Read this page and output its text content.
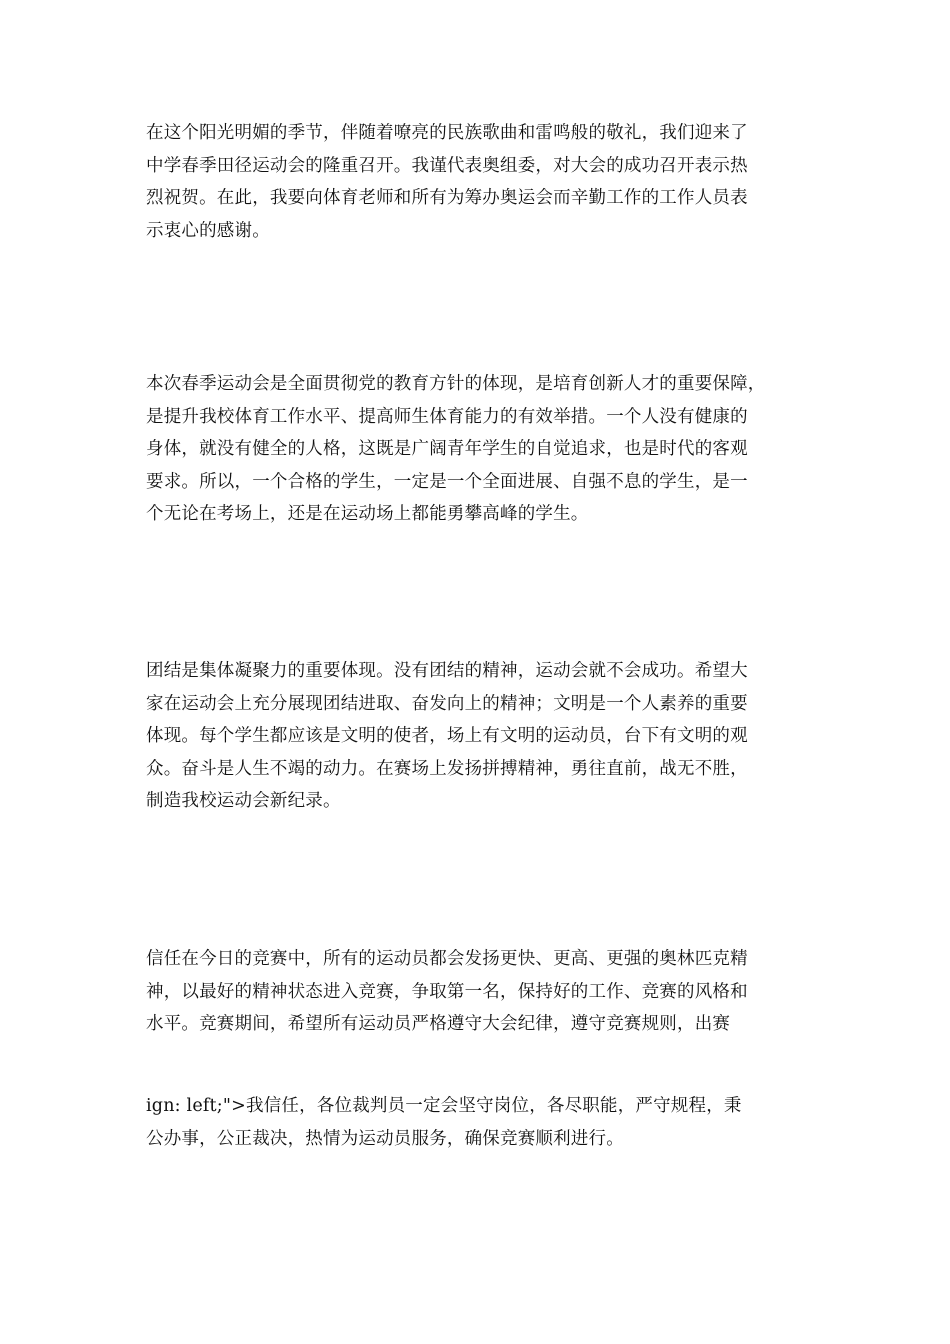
在这个阳光明媚的季节，伴随着嘹亮的民族歌曲和雷鸣般的敬礼，我们迎来了
中学春季田径运动会的隆重召开。我谨代表奥组委，对大会的成功召开表示热
烈祝贺。在此，我要向体育老师和所有为筹办奥运会而辛勤工作的工作人员表
示衷心的感谢。
本次春季运动会是全面贯彻党的教育方针的体现，是培育创新人才的重要保障，
是提升我校体育工作水平、提高师生体育能力的有效举措。一个人没有健康的
身体，就没有健全的人格，这既是广阔青年学生的自觉追求，也是时代的客观
要求。所以，一个合格的学生，一定是一个全面进展、自强不息的学生，是一
个无论在考场上，还是在运动场上都能勇攀高峰的学生。
团结是集体凝聚力的重要体现。没有团结的精神，运动会就不会成功。希望大
家在运动会上充分展现团结进取、奋发向上的精神；文明是一个人素养的重要
体现。每个学生都应该是文明的使者，场上有文明的运动员，台下有文明的观
众。奋斗是人生不竭的动力。在赛场上发扬拼搏精神，勇往直前，战无不胜，
制造我校运动会新纪录。
信任在今日的竞赛中，所有的运动员都会发扬更快、更高、更强的奥林匹克精
神，以最好的精神状态进入竞赛，争取第一名，保持好的工作、竞赛的风格和
水平。竞赛期间，希望所有运动员严格遵守大会纪律，遵守竞赛规则，出赛
ign: left;">我信任，各位裁判员一定会坚守岗位，各尽职能，严守规程，秉
公办事，公正裁决，热情为运动员服务，确保竞赛顺利进行。
